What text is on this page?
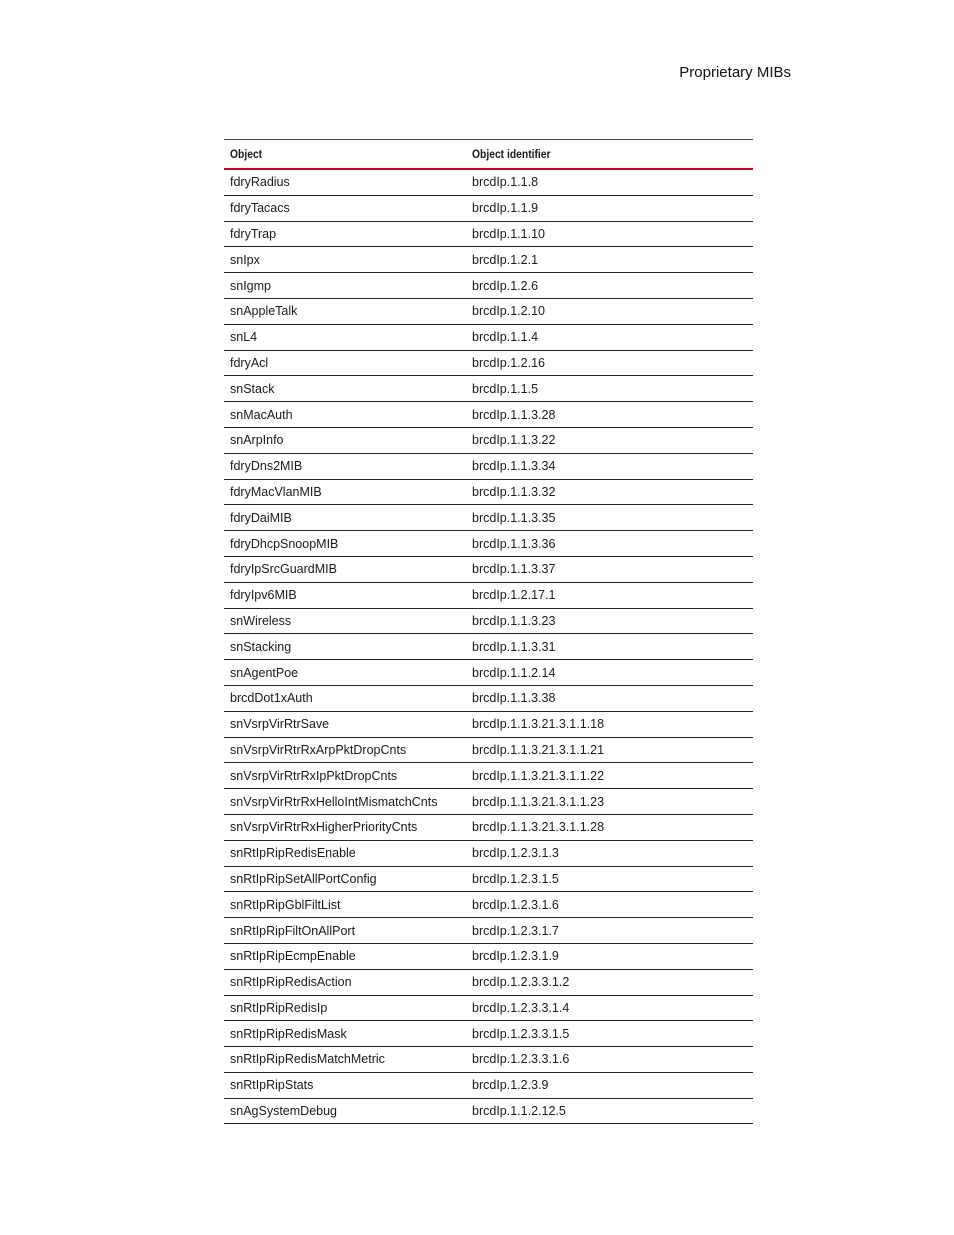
Proprietary MIBs
Object	Object identifier
fdryRadius	brcdIp.1.1.8
fdryTacacs	brcdIp.1.1.9
fdryTrap	brcdIp.1.1.10
snIpx	brcdIp.1.2.1
snIgmp	brcdIp.1.2.6
snAppleTalk	brcdIp.1.2.10
snL4	brcdIp.1.1.4
fdryAcl	brcdIp.1.2.16
snStack	brcdIp.1.1.5
snMacAuth	brcdIp.1.1.3.28
snArpInfo	brcdIp.1.1.3.22
fdryDns2MIB	brcdIp.1.1.3.34
fdryMacVlanMIB	brcdIp.1.1.3.32
fdryDaiMIB	brcdIp.1.1.3.35
fdryDhcpSnoopMIB	brcdIp.1.1.3.36
fdryIpSrcGuardMIB	brcdIp.1.1.3.37
fdryIpv6MIB	brcdIp.1.2.17.1
snWireless	brcdIp.1.1.3.23
snStacking	brcdIp.1.1.3.31
snAgentPoe	brcdIp.1.1.2.14
brcdDot1xAuth	brcdIp.1.1.3.38
snVsrpVirRtrSave	brcdIp.1.1.3.21.3.1.1.18
snVsrpVirRtrRxArpPktDropCnts	brcdIp.1.1.3.21.3.1.1.21
snVsrpVirRtrRxIpPktDropCnts	brcdIp.1.1.3.21.3.1.1.22
snVsrpVirRtrRxHelloIntMismatchCnts	brcdIp.1.1.3.21.3.1.1.23
snVsrpVirRtrRxHigherPriorityCnts	brcdIp.1.1.3.21.3.1.1.28
snRtIpRipRedisEnable	brcdIp.1.2.3.1.3
snRtIpRipSetAllPortConfig	brcdIp.1.2.3.1.5
snRtIpRipGblFiltList	brcdIp.1.2.3.1.6
snRtIpRipFiltOnAllPort	brcdIp.1.2.3.1.7
snRtIpRipEcmpEnable	brcdIp.1.2.3.1.9
snRtIpRipRedisAction	brcdIp.1.2.3.3.1.2
snRtIpRipRedisIp	brcdIp.1.2.3.3.1.4
snRtIpRipRedisMask	brcdIp.1.2.3.3.1.5
snRtIpRipRedisMatchMetric	brcdIp.1.2.3.3.1.6
snRtIpRipStats	brcdIp.1.2.3.9
snAgSystemDebug	brcdIp.1.1.2.12.5
